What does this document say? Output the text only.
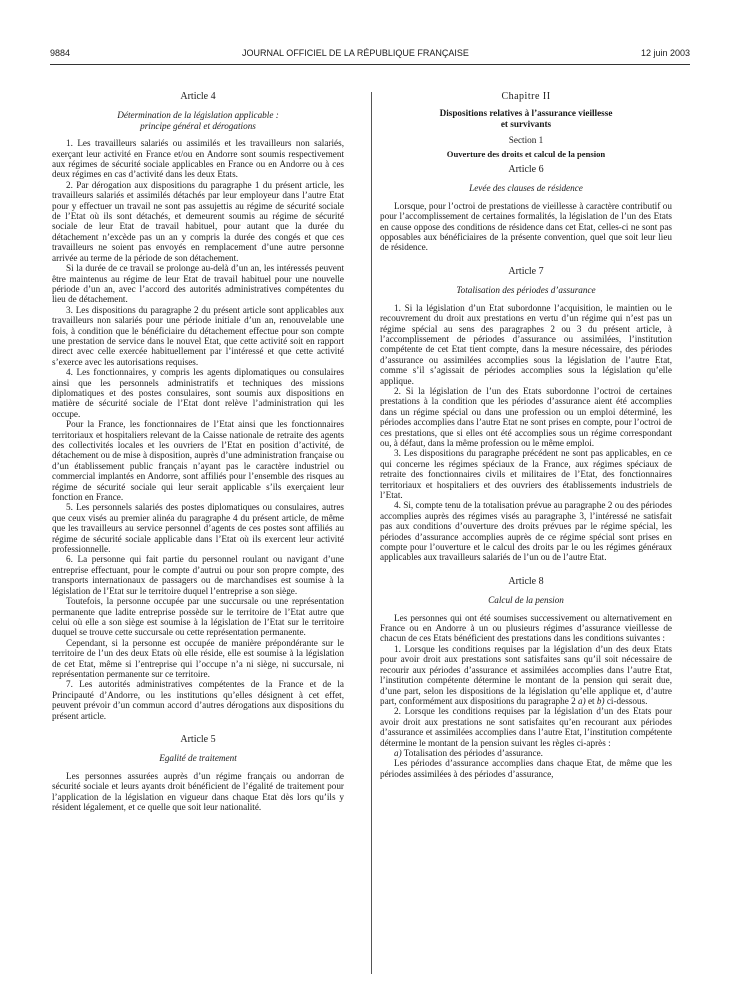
9884	JOURNAL OFFICIEL DE LA RÉPUBLIQUE FRANÇAISE	12 juin 2003

Article 4

Détermination de la législation applicable :
principe général et dérogations

1. Les travailleurs salariés ou assimilés et les travailleurs non salariés, exerçant leur activité en France et/ou en Andorre sont soumis respectivement aux régimes de sécurité sociale applicables en France ou en Andorre ou à ces deux régimes en cas d’activité dans les deux Etats.

2. Par dérogation aux dispositions du paragraphe 1 du présent article, les travailleurs salariés et assimilés détachés par leur employeur dans l’autre Etat pour y effectuer un travail ne sont pas assujettis au régime de sécurité sociale de l’Etat où ils sont détachés, et demeurent soumis au régime de sécurité sociale de leur Etat de travail habituel, pour autant que la durée du détachement n’excède pas un an y compris la durée des congés et que ces travailleurs ne soient pas envoyés en remplacement d’une autre personne arrivée au terme de la période de son détachement.

Si la durée de ce travail se prolonge au-delà d’un an, les intéressés peuvent être maintenus au régime de leur Etat de travail habituel pour une nouvelle période d’un an, avec l’accord des autorités administratives compétentes du lieu de détachement.

3. Les dispositions du paragraphe 2 du présent article sont applicables aux travailleurs non salariés pour une période initiale d’un an, renouvelable une fois, à condition que le bénéficiaire du détachement effectue pour son compte une prestation de service dans le nouvel Etat, que cette activité soit en rapport direct avec celle exercée habituellement par l’intéressé et que cette activité s’exerce avec les autorisations requises.

4. Les fonctionnaires, y compris les agents diplomatiques ou consulaires ainsi que les personnels administratifs et techniques des missions diplomatiques et des postes consulaires, sont soumis aux dispositions en matière de sécurité sociale de l’Etat dont relève l’administration qui les occupe.

Pour la France, les fonctionnaires de l’Etat ainsi que les fonctionnaires territoriaux et hospitaliers relevant de la Caisse nationale de retraite des agents des collectivités locales et les ouvriers de l’Etat en position d’activité, de détachement ou de mise à disposition, auprès d’une administration française ou d’un établissement public français n’ayant pas le caractère industriel ou commercial implantés en Andorre, sont affiliés pour l’ensemble des risques au régime de sécurité sociale qui leur serait applicable s’ils exerçaient leur fonction en France.

5. Les personnels salariés des postes diplomatiques ou consulaires, autres que ceux visés au premier alinéa du paragraphe 4 du présent article, de même que les travailleurs au service personnel d’agents de ces postes sont affiliés au régime de sécurité sociale applicable dans l’Etat où ils exercent leur activité professionnelle.

6. La personne qui fait partie du personnel roulant ou navigant d’une entreprise effectuant, pour le compte d’autrui ou pour son propre compte, des transports internationaux de passagers ou de marchandises est soumise à la législation de l’Etat sur le territoire duquel l’entreprise a son siège.

Toutefois, la personne occupée par une succursale ou une représentation permanente que ladite entreprise possède sur le territoire de l’Etat autre que celui où elle a son siège est soumise à la législation de l’Etat sur le territoire duquel se trouve cette succursale ou cette représentation permanente.

Cependant, si la personne est occupée de manière prépondérante sur le territoire de l’un des deux Etats où elle réside, elle est soumise à la législation de cet Etat, même si l’entreprise qui l’occupe n’a ni siège, ni succursale, ni représentation permanente sur ce territoire.

7. Les autorités administratives compétentes de la France et de la Principauté d’Andorre, ou les institutions qu’elles désignent à cet effet, peuvent prévoir d’un commun accord d’autres dérogations aux dispositions du présent article.

Article 5

Egalité de traitement

Les personnes assurées auprès d’un régime français ou andorran de sécurité sociale et leurs ayants droit bénéficient de l’égalité de traitement pour l’application de la législation en vigueur dans chaque Etat dès lors qu’ils y résident légalement, et ce quelle que soit leur nationalité.

Chapitre II

Dispositions relatives à l’assurance vieillesse
et survivants

Section 1

Ouverture des droits et calcul de la pension

Article 6

Levée des clauses de résidence

Lorsque, pour l’octroi de prestations de vieillesse à caractère contributif ou pour l’accomplissement de certaines formalités, la législation de l’un des Etats en cause oppose des conditions de résidence dans cet Etat, celles-ci ne sont pas opposables aux bénéficiaires de la présente convention, quel que soit leur lieu de résidence.

Article 7

Totalisation des périodes d’assurance

1. Si la législation d’un Etat subordonne l’acquisition, le maintien ou le recouvrement du droit aux prestations en vertu d’un régime qui n’est pas un régime spécial au sens des paragraphes 2 ou 3 du présent article, à l’accomplissement de périodes d’assurance ou assimilées, l’institution compétente de cet Etat tient compte, dans la mesure nécessaire, des périodes d’assurance ou assimilées accomplies sous la législation de l’autre Etat, comme s’il s’agissait de périodes accomplies sous la législation qu’elle applique.

2. Si la législation de l’un des Etats subordonne l’octroi de certaines prestations à la condition que les périodes d’assurance aient été accomplies dans un régime spécial ou dans une profession ou un emploi déterminé, les périodes accomplies dans l’autre Etat ne sont prises en compte, pour l’octroi de ces prestations, que si elles ont été accomplies sous un régime correspondant ou, à défaut, dans la même profession ou le même emploi.

3. Les dispositions du paragraphe précédent ne sont pas applicables, en ce qui concerne les régimes spéciaux de la France, aux régimes spéciaux de retraite des fonctionnaires civils et militaires de l’Etat, des fonctionnaires territoriaux et hospitaliers et des ouvriers des établissements industriels de l’Etat.

4. Si, compte tenu de la totalisation prévue au paragraphe 2 ou des périodes accomplies auprès des régimes visés au paragraphe 3, l’intéressé ne satisfait pas aux conditions d’ouverture des droits prévues par le régime spécial, les périodes d’assurance accomplies auprès de ce régime spécial sont prises en compte pour l’ouverture et le calcul des droits par le ou les régimes généraux applicables aux travailleurs salariés de l’un ou de l’autre Etat.

Article 8

Calcul de la pension

Les personnes qui ont été soumises successivement ou alternativement en France ou en Andorre à un ou plusieurs régimes d’assurance vieillesse de chacun de ces Etats bénéficient des prestations dans les conditions suivantes :

1. Lorsque les conditions requises par la législation d’un des deux Etats pour avoir droit aux prestations sont satisfaites sans qu’il soit nécessaire de recourir aux périodes d’assurance et assimilées accomplies dans l’autre Etat, l’institution compétente détermine le montant de la pension qui serait due, d’une part, selon les dispositions de la législation qu’elle applique et, d’autre part, conformément aux dispositions du paragraphe 2 a) et b) ci-dessous.

2. Lorsque les conditions requises par la législation d’un des Etats pour avoir droit aux prestations ne sont satisfaites qu’en recourant aux périodes d’assurance et assimilées accomplies dans l’autre Etat, l’institution compétente détermine le montant de la pension suivant les règles ci-après :

a) Totalisation des périodes d’assurance.

Les périodes d’assurance accomplies dans chaque Etat, de même que les périodes assimilées à des périodes d’assurance,
